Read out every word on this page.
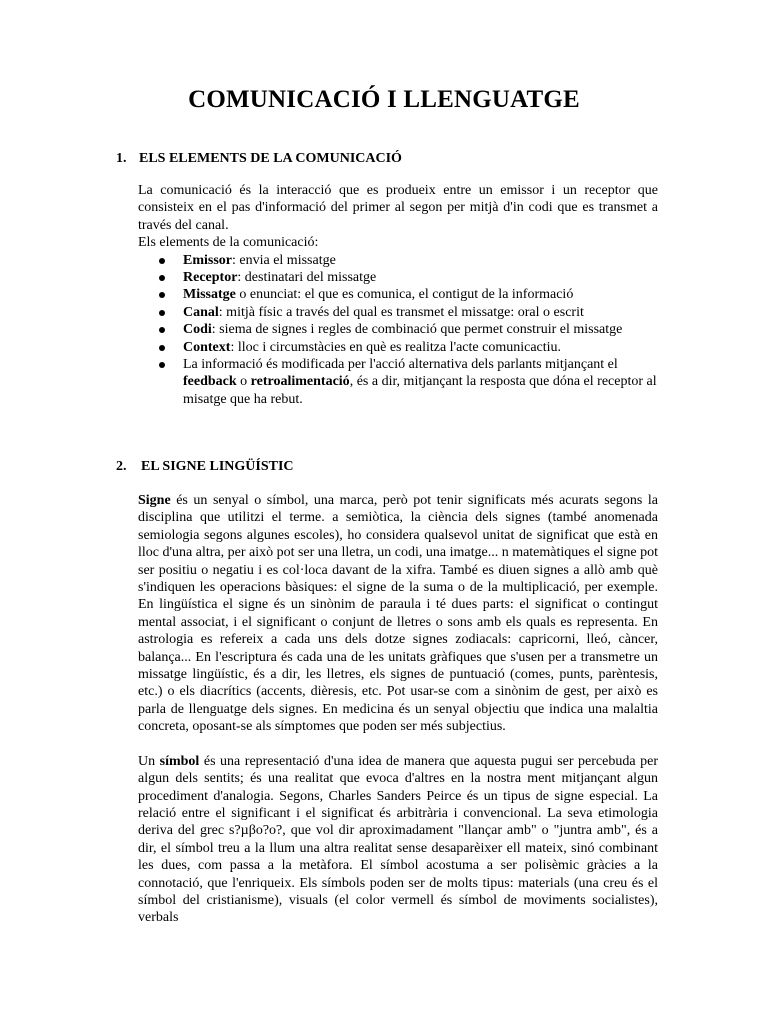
COMUNICACIÓ I LLENGUATGE
1. ELS ELEMENTS DE LA COMUNICACIÓ

La comunicació és la interacció que es produeix entre un emissor i un receptor que consisteix en el pas d'informació del primer al segon per mitjà d'in codi que es transmet a través del canal.

Els elements de la comunicació:

Emissor: envia el missatge
Receptor: destinatari del missatge
Missatge o enunciat: el que es comunica, el contigut de la informació
Canal: mitjà físic a través del qual es transmet el missatge: oral o escrit
Codi: siema de signes i regles de combinació que permet construir el missatge
Context: lloc i circumstàcies en què es realitza l'acte comunicactiu.
La informació és modificada per l'acció alternativa dels parlants mitjançant el feedback o retroalimentació, és a dir, mitjançant la resposta que dóna el receptor al misatge que ha rebut.
2. EL SIGNE LINGÜÍSTIC

Signe és un senyal o símbol, una marca, però pot tenir significats més acurats segons la disciplina que utilitzi el terme. a semiòtica, la ciència dels signes (també anomenada semiologia segons algunes escoles), ho considera qualsevol unitat de significat que està en lloc d'una altra, per això pot ser una lletra, un codi, una imatge... n matemàtiques el signe pot ser positiu o negatiu i es col·loca davant de la xifra. També es diuen signes a allò amb què s'indiquen les operacions bàsiques: el signe de la suma o de la multiplicació, per exemple. En lingüística el signe és un sinònim de paraula i té dues parts: el significat o contingut mental associat, i el significant o conjunt de lletres o sons amb els quals es representa. En astrologia es refereix a cada uns dels dotze signes zodiacals: capricorni, lleó, càncer, balança... En l'escriptura és cada una de les unitats gràfiques que s'usen per a transmetre un missatge lingüístic, és a dir, les lletres, els signes de puntuació (comes, punts, parèntesis, etc.) o els diacrítics (accents, dièresis, etc. Pot usar-se com a sinònim de gest, per això es parla de llenguatge dels signes. En medicina és un senyal objectiu que indica una malaltia concreta, oposant-se als símptomes que poden ser més subjectius.

Un símbol és una representació d'una idea de manera que aquesta pugui ser percebuda per algun dels sentits; és una realitat que evoca d'altres en la nostra ment mitjançant algun procediment d'analogia. Segons, Charles Sanders Peirce és un tipus de signe especial. La relació entre el significant i el significat és arbitrària i convencional. La seva etimologia deriva del grec s?µβο?ο?, que vol dir aproximadament "llançar amb" o "juntra amb", és a dir, el símbol treu a la llum una altra realitat sense desaparèixer ell mateix, sinó combinant les dues, com passa a la metàfora. El símbol acostuma a ser polisèmic gràcies a la connotació, que l'enriqueix. Els símbols poden ser de molts tipus: materials (una creu és el símbol del cristianisme), visuals (el color vermell és símbol de moviments socialistes), verbals
